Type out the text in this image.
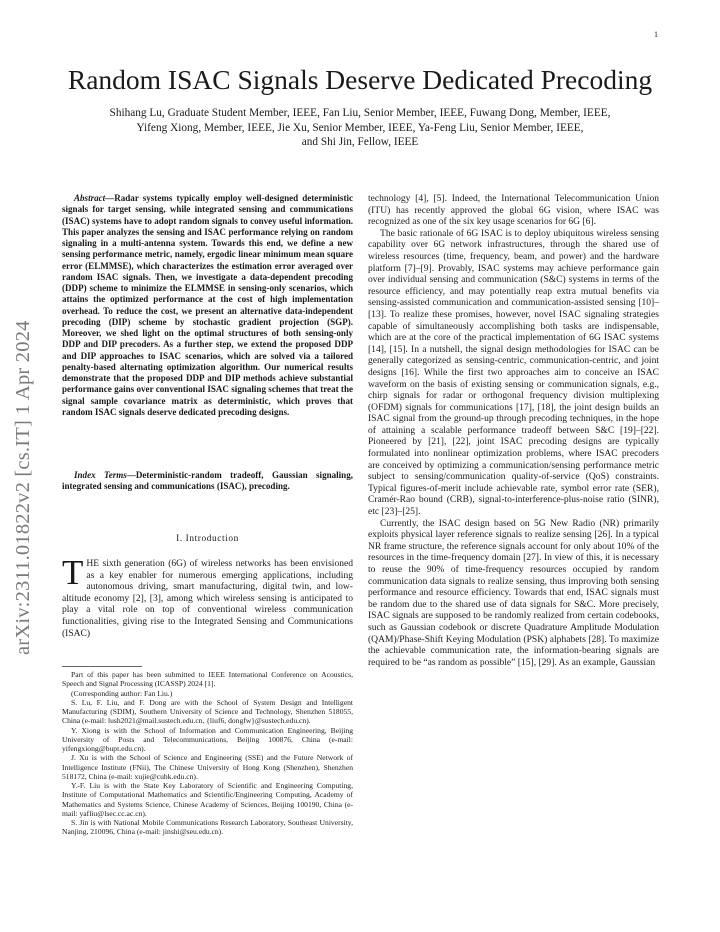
1
arXiv:2311.01822v2 [cs.IT] 1 Apr 2024
Random ISAC Signals Deserve Dedicated Precoding
Shihang Lu, Graduate Student Member, IEEE, Fan Liu, Senior Member, IEEE, Fuwang Dong, Member, IEEE,
Yifeng Xiong, Member, IEEE, Jie Xu, Senior Member, IEEE, Ya-Feng Liu, Senior Member, IEEE,
and Shi Jin, Fellow, IEEE

Abstract—Radar systems typically employ well-designed deterministic signals for target sensing, while integrated sensing and communications (ISAC) systems have to adopt random signals to convey useful information. This paper analyzes the sensing and ISAC performance relying on random signaling in a multi-antenna system. Towards this end, we define a new sensing performance metric, namely, ergodic linear minimum mean square error (ELMMSE), which characterizes the estimation error averaged over random ISAC signals. Then, we investigate a data-dependent precoding (DDP) scheme to minimize the ELMMSE in sensing-only scenarios, which attains the optimized performance at the cost of high implementation overhead. To reduce the cost, we present an alternative data-independent precoding (DIP) scheme by stochastic gradient projection (SGP). Moreover, we shed light on the optimal structures of both sensing-only DDP and DIP precoders. As a further step, we extend the proposed DDP and DIP approaches to ISAC scenarios, which are solved via a tailored penalty-based alternating optimization algorithm. Our numerical results demonstrate that the proposed DDP and DIP methods achieve substantial performance gains over conventional ISAC signaling schemes that treat the signal sample covariance matrix as deterministic, which proves that random ISAC signals deserve dedicated precoding designs.

Index Terms—Deterministic-random tradeoff, Gaussian signaling, integrated sensing and communications (ISAC), precoding.

I. Introduction

THE sixth generation (6G) of wireless networks has been envisioned as a key enabler for numerous emerging applications, including autonomous driving, smart manufacturing, digital twin, and low-altitude economy [2], [3], among which wireless sensing is anticipated to play a vital role on top of conventional wireless communication functionalities, giving rise to the Integrated Sensing and Communications (ISAC)

Part of this paper has been submitted to IEEE International Conference on Acoustics, Speech and Signal Processing (ICASSP) 2024 [1].

(Corresponding author: Fan Liu.)

S. Lu, F. Liu, and F. Dong are with the School of System Design and Intelligent Manufacturing (SDIM), Southern University of Science and Technology, Shenzhen 518055, China (e-mail: lush2021@mail.sustech.edu.cn, {liuf6, dongfw}@sustech.edu.cn).

Y. Xiong is with the School of Information and Communication Engineering, Beijing University of Posts and Telecommunications, Beijing 100876, China (e-mail: yifengxiong@bupt.edu.cn).

J. Xu is with the School of Science and Engineering (SSE) and the Future Network of Intelligence Institute (FNii), The Chinese University of Hong Kong (Shenzhen), Shenzhen 518172, China (e-mail: xujie@cuhk.edu.cn).

Y.-F. Liu is with the State Key Laboratory of Scientific and Engineering Computing, Institute of Computational Mathematics and Scientific/Engineering Computing, Academy of Mathematics and Systems Science, Chinese Academy of Sciences, Beijing 100190, China (e-mail: yafliu@lsec.cc.ac.cn).

S. Jin is with National Mobile Communications Research Laboratory, Southeast University, Nanjing, 210096, China (e-mail: jinshi@seu.edu.cn).

technology [4], [5]. Indeed, the International Telecommunication Union (ITU) has recently approved the global 6G vision, where ISAC was recognized as one of the six key usage scenarios for 6G [6].

The basic rationale of 6G ISAC is to deploy ubiquitous wireless sensing capability over 6G network infrastructures, through the shared use of wireless resources (time, frequency, beam, and power) and the hardware platform [7]–[9]. Provably, ISAC systems may achieve performance gain over individual sensing and communication (S&C) systems in terms of the resource efficiency, and may potentially reap extra mutual benefits via sensing-assisted communication and communication-assisted sensing [10]–[13]. To realize these promises, however, novel ISAC signaling strategies capable of simultaneously accomplishing both tasks are indispensable, which are at the core of the practical implementation of 6G ISAC systems [14], [15]. In a nutshell, the signal design methodologies for ISAC can be generally categorized as sensing-centric, communication-centric, and joint designs [16]. While the first two approaches aim to conceive an ISAC waveform on the basis of existing sensing or communication signals, e.g., chirp signals for radar or orthogonal frequency division multiplexing (OFDM) signals for communications [17], [18], the joint design builds an ISAC signal from the ground-up through precoding techniques, in the hope of attaining a scalable performance tradeoff between S&C [19]–[22]. Pioneered by [21], [22], joint ISAC precoding designs are typically formulated into nonlinear optimization problems, where ISAC precoders are conceived by optimizing a communication/sensing performance metric subject to sensing/communication quality-of-service (QoS) constraints. Typical figures-of-merit include achievable rate, symbol error rate (SER), Cramér-Rao bound (CRB), signal-to-interference-plus-noise ratio (SINR), etc [23]–[25].

Currently, the ISAC design based on 5G New Radio (NR) primarily exploits physical layer reference signals to realize sensing [26]. In a typical NR frame structure, the reference signals account for only about 10% of the resources in the time-frequency domain [27]. In view of this, it is necessary to reuse the 90% of time-frequency resources occupied by random communication data signals to realize sensing, thus improving both sensing performance and resource efficiency. Towards that end, ISAC signals must be random due to the shared use of data signals for S&C. More precisely, ISAC signals are supposed to be randomly realized from certain codebooks, such as Gaussian codebook or discrete Quadrature Amplitude Modulation (QAM)/Phase-Shift Keying Modulation (PSK) alphabets [28]. To maximize the achievable communication rate, the information-bearing signals are required to be “as random as possible” [15], [29]. As an example, Gaussian
